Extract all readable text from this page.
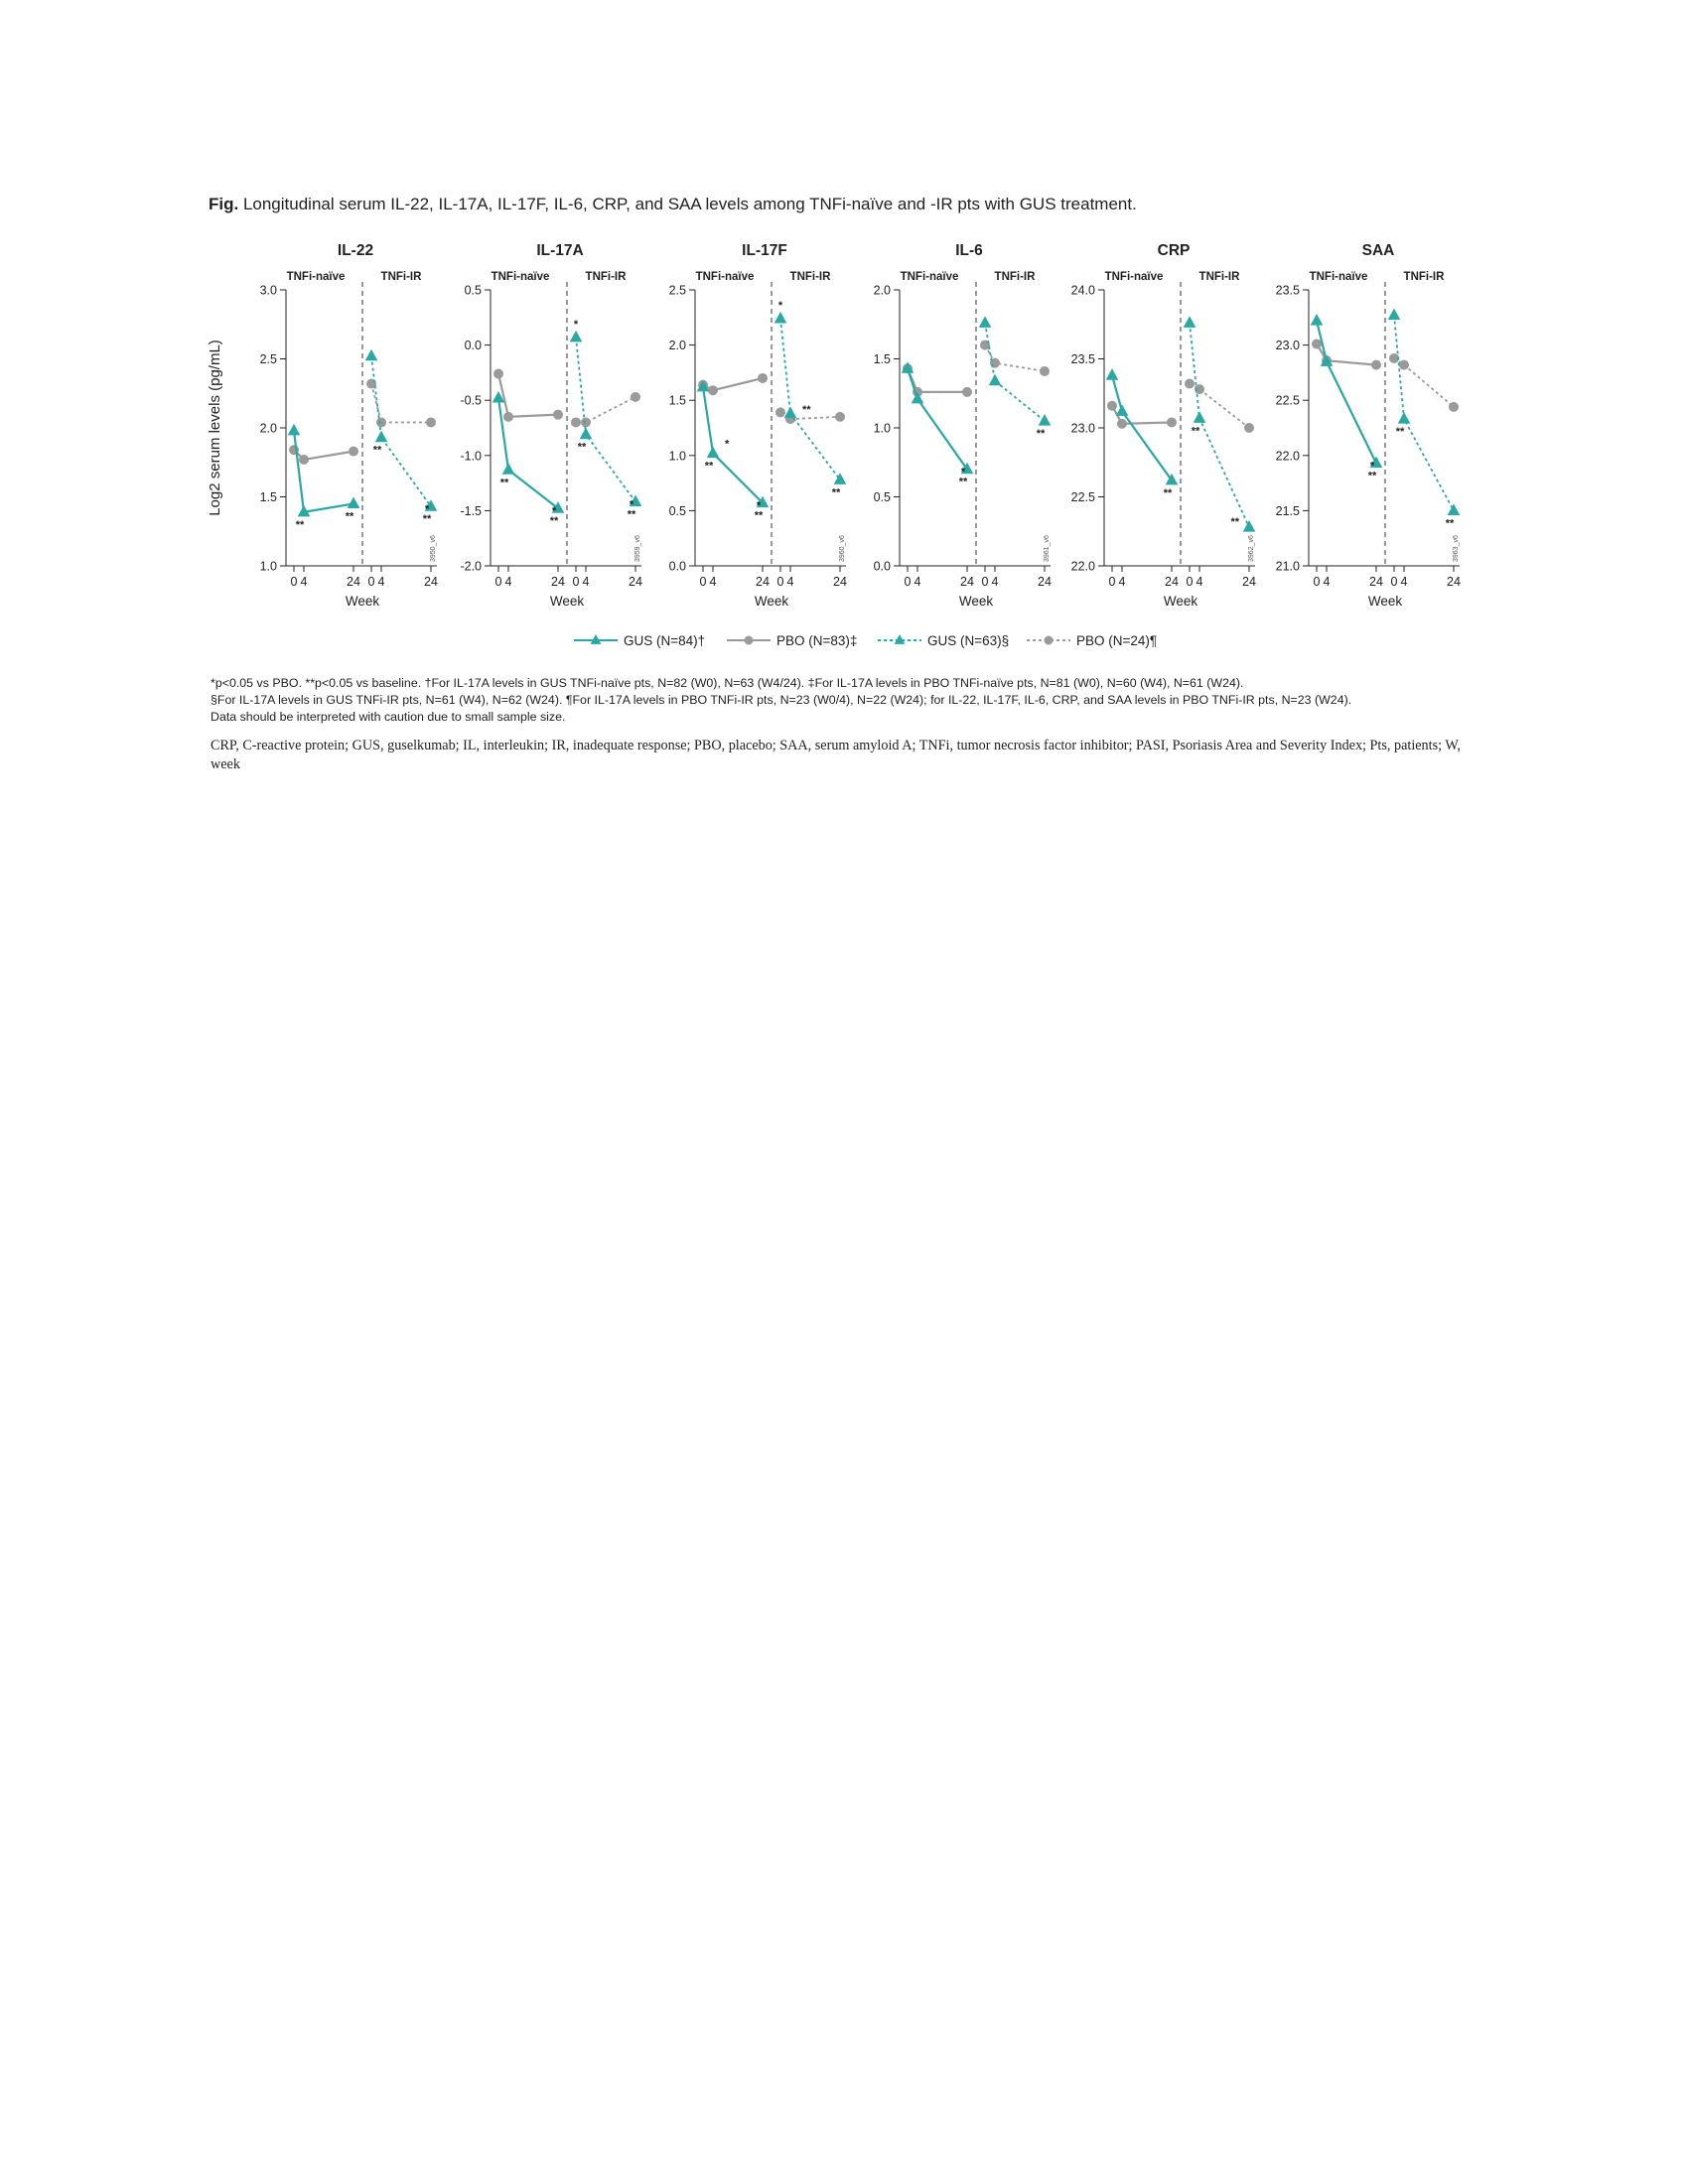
Fig. Longitudinal serum IL-22, IL-17A, IL-17F, IL-6, CRP, and SAA levels among TNFi-naïve and -IR pts with GUS treatment.
Log2 serum levels (pg/mL)
GUS (N=84)†	PBO (N=83)‡	GUS (N=63)§	PBO (N=24)¶
IL-22
TNFi-naïve	TNFi-IR
1.0
1.5
2.0
2.5
3.0
0 4	24 0 4	24
Week
3950_v6
**
**
**
*
**
IL-17A
TNFi-naïve	TNFi-IR
-2.0
-1.5
-1.0
-0.5
0.0
0.5
0 4	24 0 4	24
Week
3959_v6
**
*
**
*
**
*
**
IL-17F
TNFi-naïve	TNFi-IR
0.0
0.5
1.0
1.5
2.0
2.5
0 4	24 0 4	24
Week
3960_v6
**
*
*
**
**
*
**
IL-6
TNFi-naïve	TNFi-IR
0.0
0.5
1.0
1.5
2.0
0 4	24 0 4	24
Week
3961_v6
*
**
**
CRP
TNFi-naïve	TNFi-IR
22.0
22.5
23.0
23.5
24.0
0 4	24 0 4	24
Week
3962_v6
**
**
**
SAA
TNFi-naïve	TNFi-IR
21.0
21.5
22.0
22.5
23.0
23.5
0 4	24 0 4	24
Week
3963_v6
*
**
**
**
*p<0.05 vs PBO. **p<0.05 vs baseline. †For IL-17A levels in GUS TNFi-naïve pts, N=82 (W0), N=63 (W4/24). ‡For IL-17A levels in PBO TNFi-naïve pts, N=81 (W0), N=60 (W4), N=61 (W24).
§For IL-17A levels in GUS TNFi-IR pts, N=61 (W4), N=62 (W24). ¶For IL-17A levels in PBO TNFi-IR pts, N=23 (W0/4), N=22 (W24); for IL-22, IL-17F, IL-6, CRP, and SAA levels in PBO TNFi-IR pts, N=23 (W24).
Data should be interpreted with caution due to small sample size.
CRP, C-reactive protein; GUS, guselkumab; IL, interleukin; IR, inadequate response; PBO, placebo; SAA, serum amyloid A; TNFi, tumor necrosis factor inhibitor; PASI, Psoriasis Area and Severity Index; Pts, patients; W, week
